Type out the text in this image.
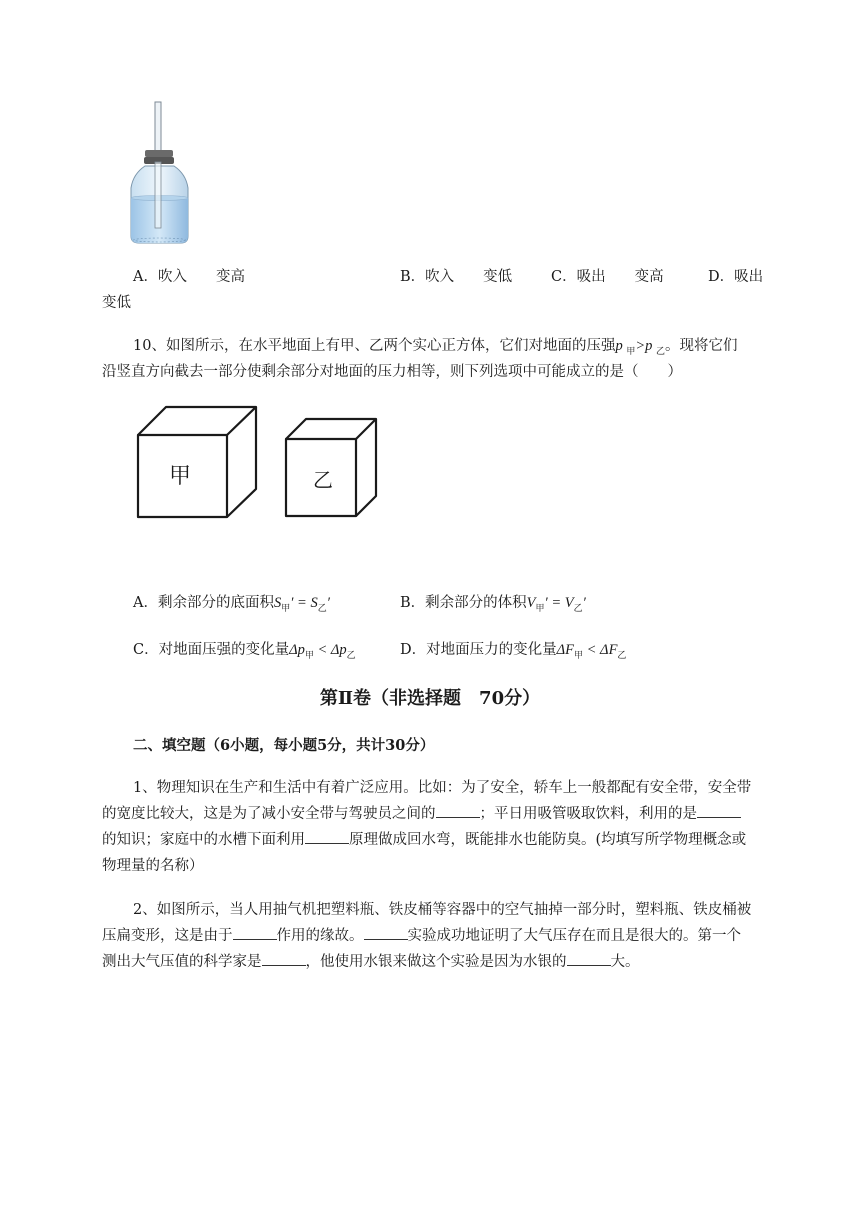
A．吹入　　变高	B．吹入　　变低	C．吸出　　变高	D．吸出
变低
10、如图所示，在水平地面上有甲、乙两个实心正方体，它们对地面的压强p $_甲$>p $_乙$。现将它们
沿竖直方向截去一部分使剩余部分对地面的压力相等，则下列选项中可能成立的是（　　）
甲	乙
A．剩余部分的底面积$S_甲' = S_乙'$	B．剩余部分的体积$V_甲' = V_乙'$
C．对地面压强的变化量$\Delta p_甲 < \Delta p_乙$	D．对地面压力的变化量$\Delta F_甲 < \Delta F_乙$
第Ⅱ卷（非选择题　70分）
二、填空题（6小题，每小题5分，共计30分）
1、物理知识在生产和生活中有着广泛应用。比如：为了安全，轿车上一般都配有安全带，安全带
的宽度比较大，这是为了减小安全带与驾驶员之间的	；平日用吸管吸取饮料，利用的是
的知识；家庭中的水槽下面利用	原理做成回水弯，既能排水也能防臭。(均填写所学物理概念或
物理量的名称）
2、如图所示，当人用抽气机把塑料瓶、铁皮桶等容器中的空气抽掉一部分时，塑料瓶、铁皮桶被
压扁变形，这是由于	作用的缘故。	实验成功地证明了大气压存在而且是很大的。第一个
测出大气压值的科学家是	，他使用水银来做这个实验是因为水银的	大。
